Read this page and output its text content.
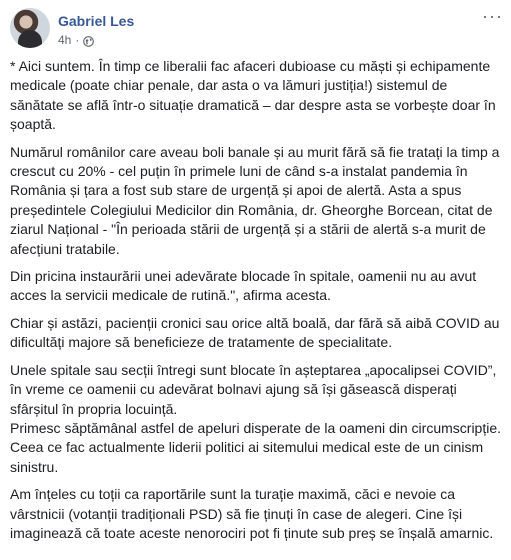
Gabriel Les
4h ·
···

* Aici suntem. În timp ce liberalii fac afaceri dubioase cu măști și echipamente medicale (poate chiar penale, dar asta o va lămuri justiția!) sistemul de sănătate se află într-o situație dramatică – dar despre asta se vorbește doar în șoaptă.

Numărul românilor care aveau boli banale și au murit fără să fie tratați la timp a crescut cu 20% - cel puțin în primele luni de când s-a instalat pandemia în România și țara a fost sub stare de urgență și apoi de alertă. Asta a spus președintele Colegiului Medicilor din România, dr. Gheorghe Borcean, citat de ziarul Național - "În perioada stării de urgență și a stării de alertă s-a murit de afecțiuni tratabile.

Din pricina instaurării unei adevărate blocade în spitale, oamenii nu au avut acces la servicii medicale de rutină.", afirma acesta.

Chiar și astăzi, pacienții cronici sau orice altă boală, dar fără să aibă COVID au dificultăți majore să beneficieze de tratamente de specialitate.

Unele spitale sau secții întregi sunt blocate în așteptarea „apocalipsei COVID”, în vreme ce oamenii cu adevărat bolnavi ajung să își găsească disperați sfârșitul în propria locuință.

Primesc săptămânal astfel de apeluri disperate de la oameni din circumscripție. Ceea ce fac actualmente liderii politici ai sitemului medical este de un cinism sinistru.

Am înțeles cu toții ca raportările sunt la turație maximă, căci e nevoie ca vârstnicii (votanții tradiționali PSD) să fie ținuți în case de alegeri. Cine își imaginează că toate aceste nenorociri pot fi ținute sub preș se înșală amarnic.
